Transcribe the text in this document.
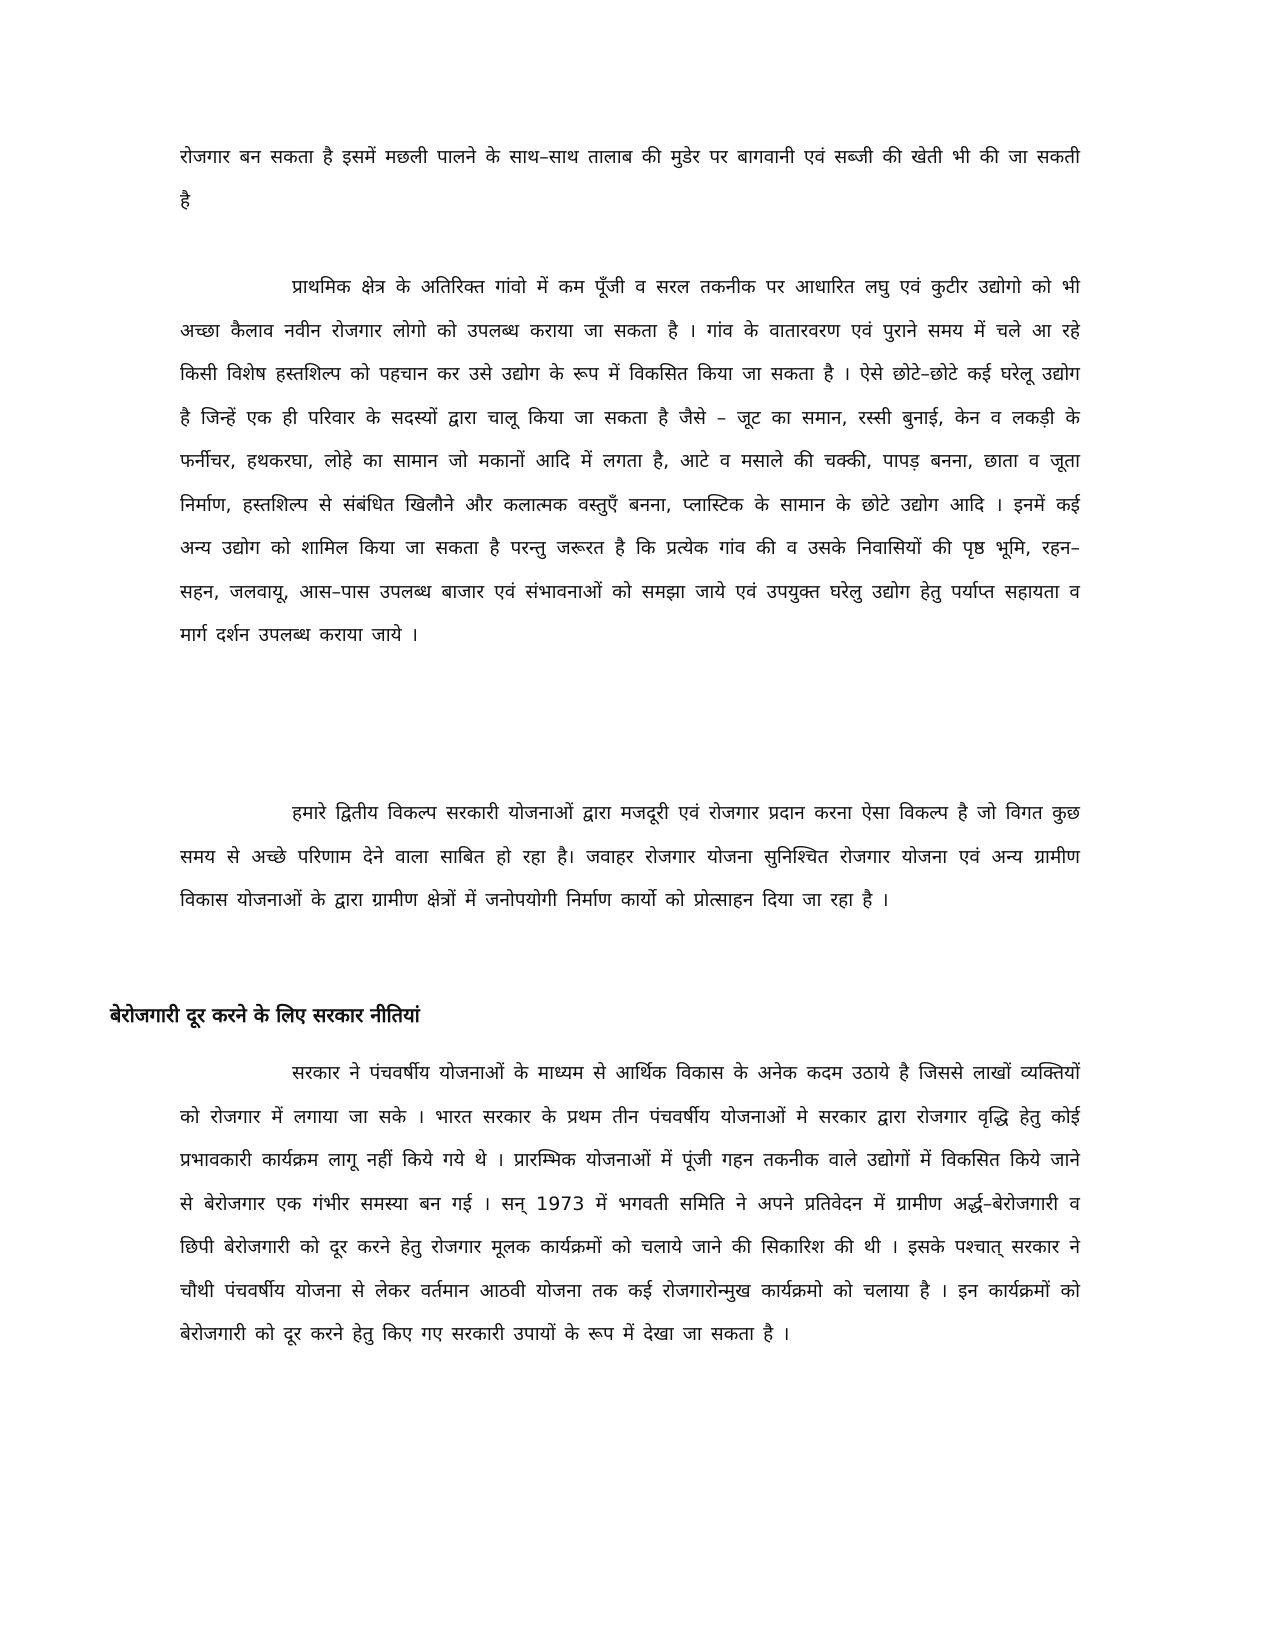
रोजगार बन सकता है इसमें मछली पालने के साथ–साथ तालाब की मुडेर पर बागवानी एवं सब्जी की खेती भी की जा सकती है

प्राथमिक क्षेत्र के अतिरिक्त गांवो में कम पूँजी व सरल तकनीक पर आधारित लघु एवं कुटीर उद्योगो को भी अच्छा कैलाव नवीन रोजगार लोगो को उपलब्ध कराया जा सकता है । गांव के वातारवरण एवं पुराने समय में चले आ रहे किसी विशेष हस्तशिल्प को पहचान कर उसे उद्योग के रूप में विकसित किया जा सकता है । ऐसे छोटे–छोटे कई घरेलू उद्योग है जिन्हें एक ही परिवार के सदस्यों द्वारा चालू किया जा सकता है जैसे – जूट का समान, रस्सी बुनाई, केन व लकड़ी के फर्नीचर, हथकरघा, लोहे का सामान जो मकानों आदि में लगता है, आटे व मसाले की चक्की, पापड़ बनना, छाता व जूता निर्माण, हस्तशिल्प से संबंधित खिलौने और कलात्मक वस्तुएँ बनना, प्लास्टिक के सामान के छोटे उद्योग आदि । इनमें कई अन्य उद्योग को शामिल किया जा सकता है परन्तु जरूरत है कि प्रत्येक गांव की व उसके निवासियों की पृष्ठ भूमि, रहन–सहन, जलवायू, आस–पास उपलब्ध बाजार एवं संभावनाओं को समझा जाये एवं उपयुक्त घरेलु उद्योग हेतु पर्याप्त सहायता व मार्ग दर्शन उपलब्ध कराया जाये ।

हमारे द्वितीय विकल्प सरकारी योजनाओं द्वारा मजदूरी एवं रोजगार प्रदान करना ऐसा विकल्प है जो विगत कुछ समय से अच्छे परिणाम देने वाला साबित हो रहा है। जवाहर रोजगार योजना सुनिश्चित रोजगार योजना एवं अन्य ग्रामीण विकास योजनाओं के द्वारा ग्रामीण क्षेत्रों में जनोपयोगी निर्माण कार्यो को प्रोत्साहन दिया जा रहा है ।

बेरोजगारी दूर करने के लिए सरकार नीतियां

सरकार ने पंचवर्षीय योजनाओं के माध्यम से आर्थिक विकास के अनेक कदम उठाये है जिससे लाखों व्यक्तियों को रोजगार में लगाया जा सके । भारत सरकार के प्रथम तीन पंचवर्षीय योजनाओं मे सरकार द्वारा रोजगार वृद्धि हेतु कोई प्रभावकारी कार्यक्रम लागू नहीं किये गये थे । प्रारम्भिक योजनाओं में पूंजी गहन तकनीक वाले उद्योगों में विकसित किये जाने से बेरोजगार एक गंभीर समस्या बन गई । सन् 1973 में भगवती समिति ने अपने प्रतिवेदन में ग्रामीण अर्द्ध–बेरोजगारी व छिपी बेरोजगारी को दूर करने हेतु रोजगार मूलक कार्यक्रमों को चलाये जाने की सिकारिश की थी । इसके पश्चात् सरकार ने चौथी पंचवर्षीय योजना से लेकर वर्तमान आठवी योजना तक कई रोजगारोन्मुख कार्यक्रमो को चलाया है । इन कार्यक्रमों को बेरोजगारी को दूर करने हेतु किए गए सरकारी उपायों के रूप में देखा जा सकता है ।
